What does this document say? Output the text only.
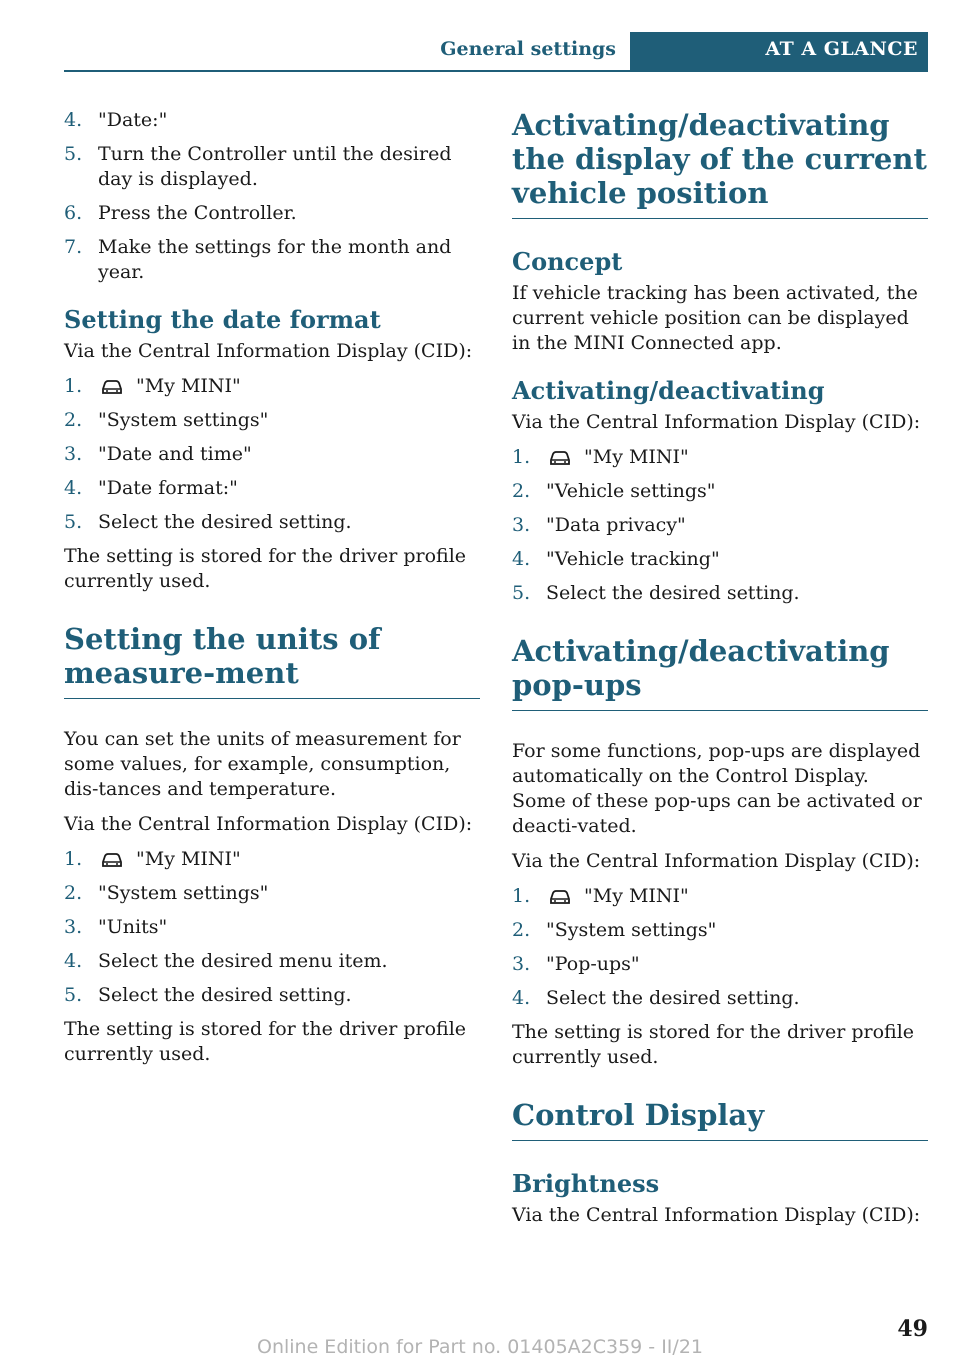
General settings	AT A GLANCE
4. "Date:"
5. Turn the Controller until the desired day is displayed.
6. Press the Controller.
7. Make the settings for the month and year.
Setting the date format

Via the Central Information Display (CID):

1.	"My MINI"
2. "System settings"
3. "Date and time"
4. "Date format:"
5. Select the desired setting.

The setting is stored for the driver profile currently used.

Setting the units of measure-ment

You can set the units of measurement for some values, for example, consumption, dis-tances and temperature.

Via the Central Information Display (CID):

1.	"My MINI"
2. "System settings"
3. "Units"
4. Select the desired menu item.
5. Select the desired setting.

The setting is stored for the driver profile currently used.

Activating/deactivating the display of the current vehicle position
Concept

If vehicle tracking has been activated, the current vehicle position can be displayed in the MINI Connected app.

Activating/deactivating

Via the Central Information Display (CID):

1.	"My MINI"
2. "Vehicle settings"
3. "Data privacy"
4. "Vehicle tracking"
5. Select the desired setting.
Activating/deactivating pop-ups

For some functions, pop-ups are displayed automatically on the Control Display. Some of these pop-ups can be activated or deacti-vated.

Via the Central Information Display (CID):

1.	"My MINI"
2. "System settings"
3. "Pop-ups"
4. Select the desired setting.

The setting is stored for the driver profile currently used.

Control Display
Brightness

Via the Central Information Display (CID):

49
Online Edition for Part no. 01405A2C359 - II/21
